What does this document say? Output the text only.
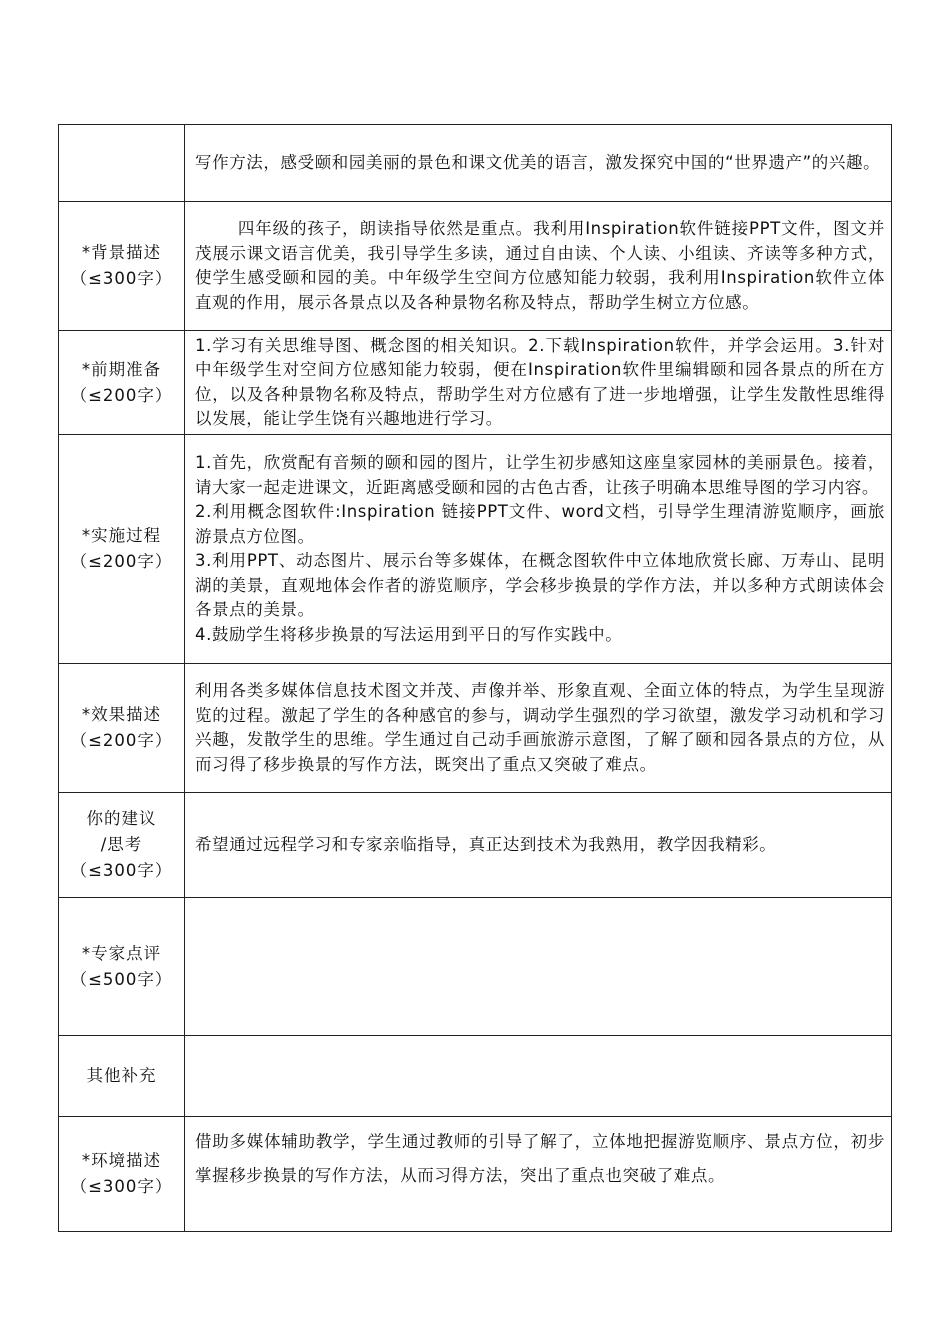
	写作方法，感受颐和园美丽的景色和课文优美的语言，激发探究中国的“世界遗产”的兴趣。

*背景描述
（≤300字）	四年级的孩子，朗读指导依然是重点。我利用Inspiration软件链接PPT文件，图文并茂展示课文语言优美，我引导学生多读，通过自由读、个人读、小组读、齐读等多种方式，使学生感受颐和园的美。中年级学生空间方位感知能力较弱，我利用Inspiration软件立体直观的作用，展示各景点以及各种景物名称及特点，帮助学生树立方位感。

*前期准备
（≤200字）	1.学习有关思维导图、概念图的相关知识。2.下载Inspiration软件，并学会运用。3.针对中年级学生对空间方位感知能力较弱，便在Inspiration软件里编辑颐和园各景点的所在方位，以及各种景物名称及特点，帮助学生对方位感有了进一步地增强，让学生发散性思维得以发展，能让学生饶有兴趣地进行学习。

*实施过程
（≤200字）	1.首先，欣赏配有音频的颐和园的图片，让学生初步感知这座皇家园林的美丽景色。接着，请大家一起走进课文，近距离感受颐和园的古色古香，让孩子明确本思维导图的学习内容。
2.利用概念图软件:Inspiration 链接PPT文件、word文档，引导学生理清游览顺序，画旅游景点方位图。
3.利用PPT、动态图片、展示台等多媒体，在概念图软件中立体地欣赏长廊、万寿山、昆明湖的美景，直观地体会作者的游览顺序，学会移步换景的学作方法，并以多种方式朗读体会各景点的美景。
4.鼓励学生将移步换景的写法运用到平日的写作实践中。

*效果描述
（≤200字）	利用各类多媒体信息技术图文并茂、声像并举、形象直观、全面立体的特点，为学生呈现游览的过程。激起了学生的各种感官的参与，调动学生强烈的学习欲望，激发学习动机和学习兴趣，发散学生的思维。学生通过自己动手画旅游示意图，了解了颐和园各景点的方位，从而习得了移步换景的写作方法，既突出了重点又突破了难点。

你的建议
/思考
（≤300字）	希望通过远程学习和专家亲临指导，真正达到技术为我熟用，教学因我精彩。

*专家点评
（≤500字）	

其他补充	

*环境描述
（≤300字）	借助多媒体辅助教学，学生通过教师的引导了解了，立体地把握游览顺序、景点方位，初步掌握移步换景的写作方法，从而习得方法，突出了重点也突破了难点。
